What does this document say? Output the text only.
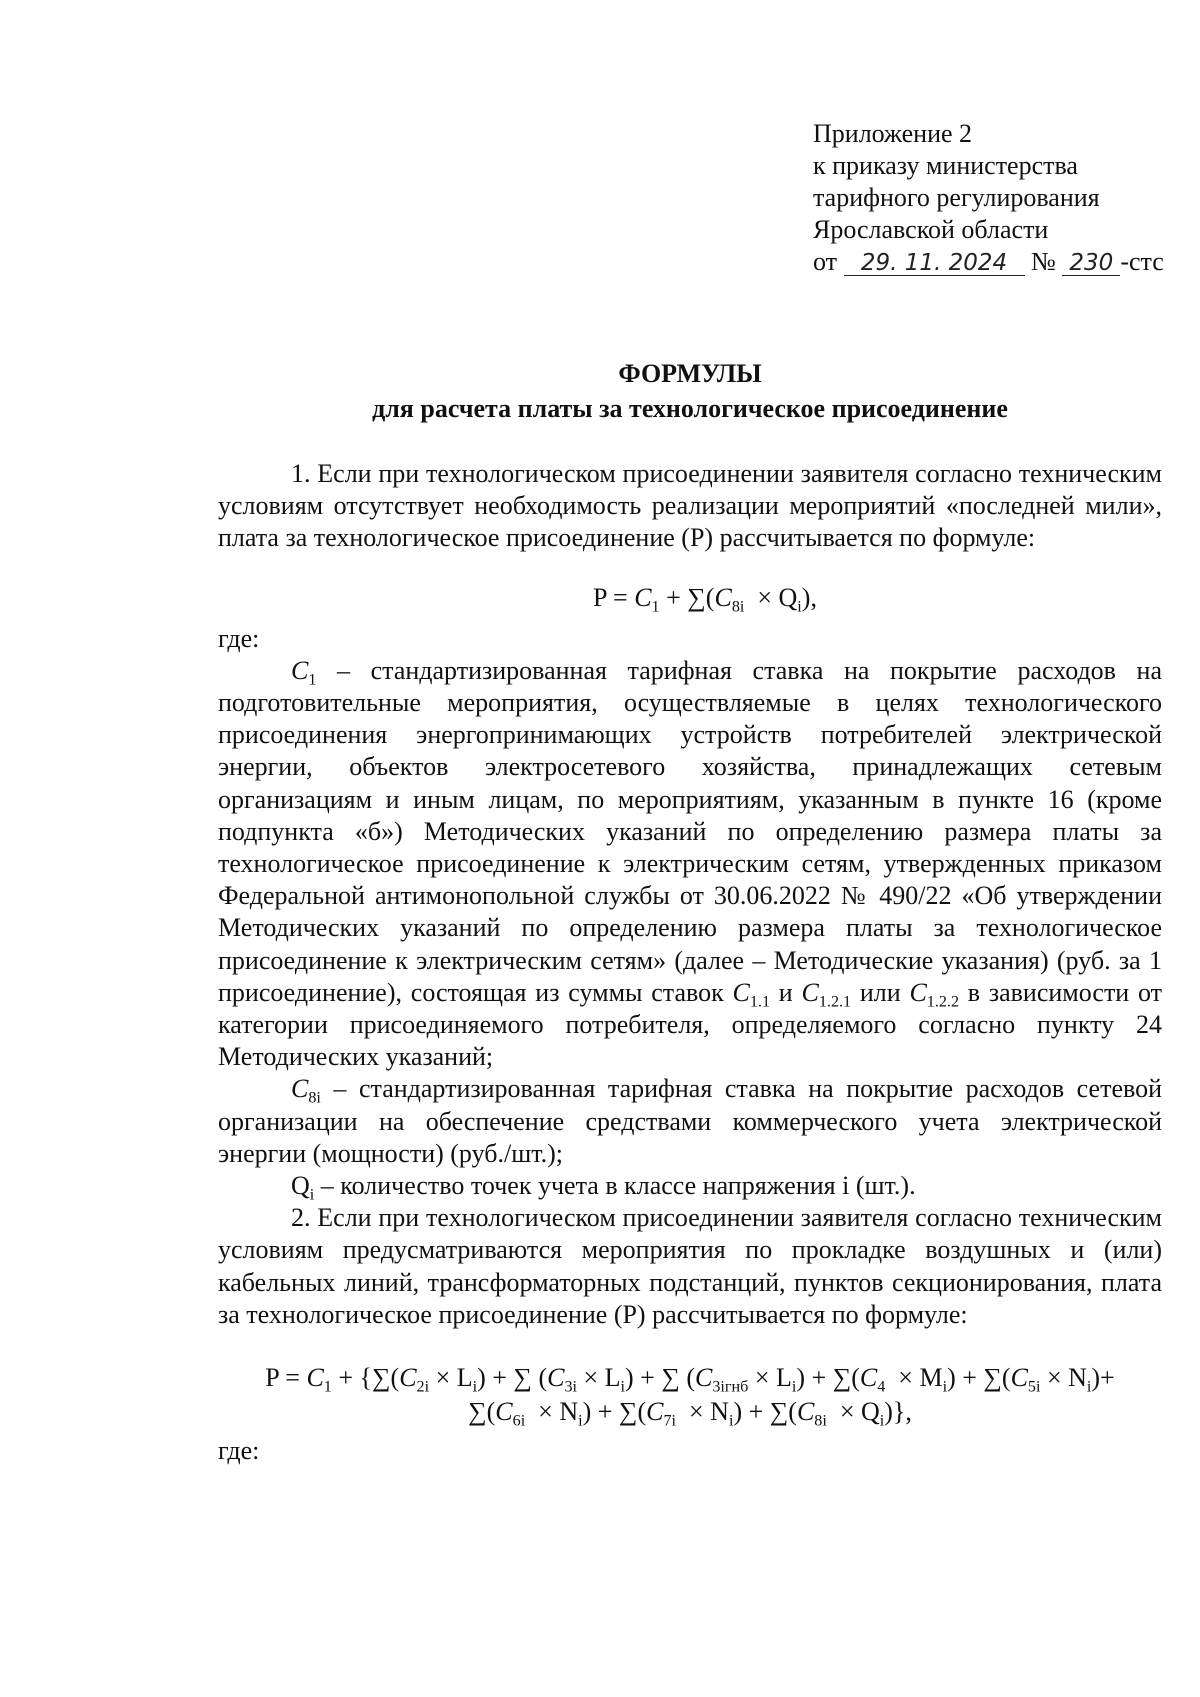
Приложение 2
к приказу министерства
тарифного регулирования
Ярославской области
от 29. 11. 2024 № 230 -стс
ФОРМУЛЫ
для расчета платы за технологическое присоединение

1. Если при технологическом присоединении заявителя согласно техническим условиям отсутствует необходимость реализации мероприятий «последней мили», плата за технологическое присоединение (Р) рассчитывается по формуле:

$P = C_1 + \sum(C_{8i} \times Q_i)$,

где:

$C_1$ – стандартизированная тарифная ставка на покрытие расходов на подготовительные мероприятия, осуществляемые в целях технологического присоединения энергопринимающих устройств потребителей электрической энергии, объектов электросетевого хозяйства, принадлежащих сетевым организациям и иным лицам, по мероприятиям, указанным в пункте 16 (кроме подпункта «б») Методических указаний по определению размера платы за технологическое присоединение к электрическим сетям, утвержденных приказом Федеральной антимонопольной службы от 30.06.2022 № 490/22 «Об утверждении Методических указаний по определению размера платы за технологическое присоединение к электрическим сетям» (далее – Методические указания) (руб. за 1 присоединение), состоящая из суммы ставок $C_{1.1}$ и $C_{1.2.1}$ или $C_{1.2.2}$ в зависимости от категории присоединяемого потребителя, определяемого согласно пункту 24 Методических указаний;

$C_{8i}$ – стандартизированная тарифная ставка на покрытие расходов сетевой организации на обеспечение средствами коммерческого учета электрической энергии (мощности) (руб./шт.);

$Q_i$ – количество точек учета в классе напряжения i (шт.).

2. Если при технологическом присоединении заявителя согласно техническим условиям предусматриваются мероприятия по прокладке воздушных и (или) кабельных линий, трансформаторных подстанций, пунктов секционирования, плата за технологическое присоединение (Р) рассчитывается по формуле:

$P = C_1 + \{\sum(C_{2i} \times L_i)$ + ∑ $(C_{3i} \times L_i)$ + ∑ $(C_{3iгнб} \times L_i) + \sum(C_4 \times M_i) + \sum(C_{5i} \times N_i)+$
$\sum(C_{6i} \times N_i) + \sum(C_{7i} \times N_i) + \sum(C_{8i} \times Q_i)$},

где:
